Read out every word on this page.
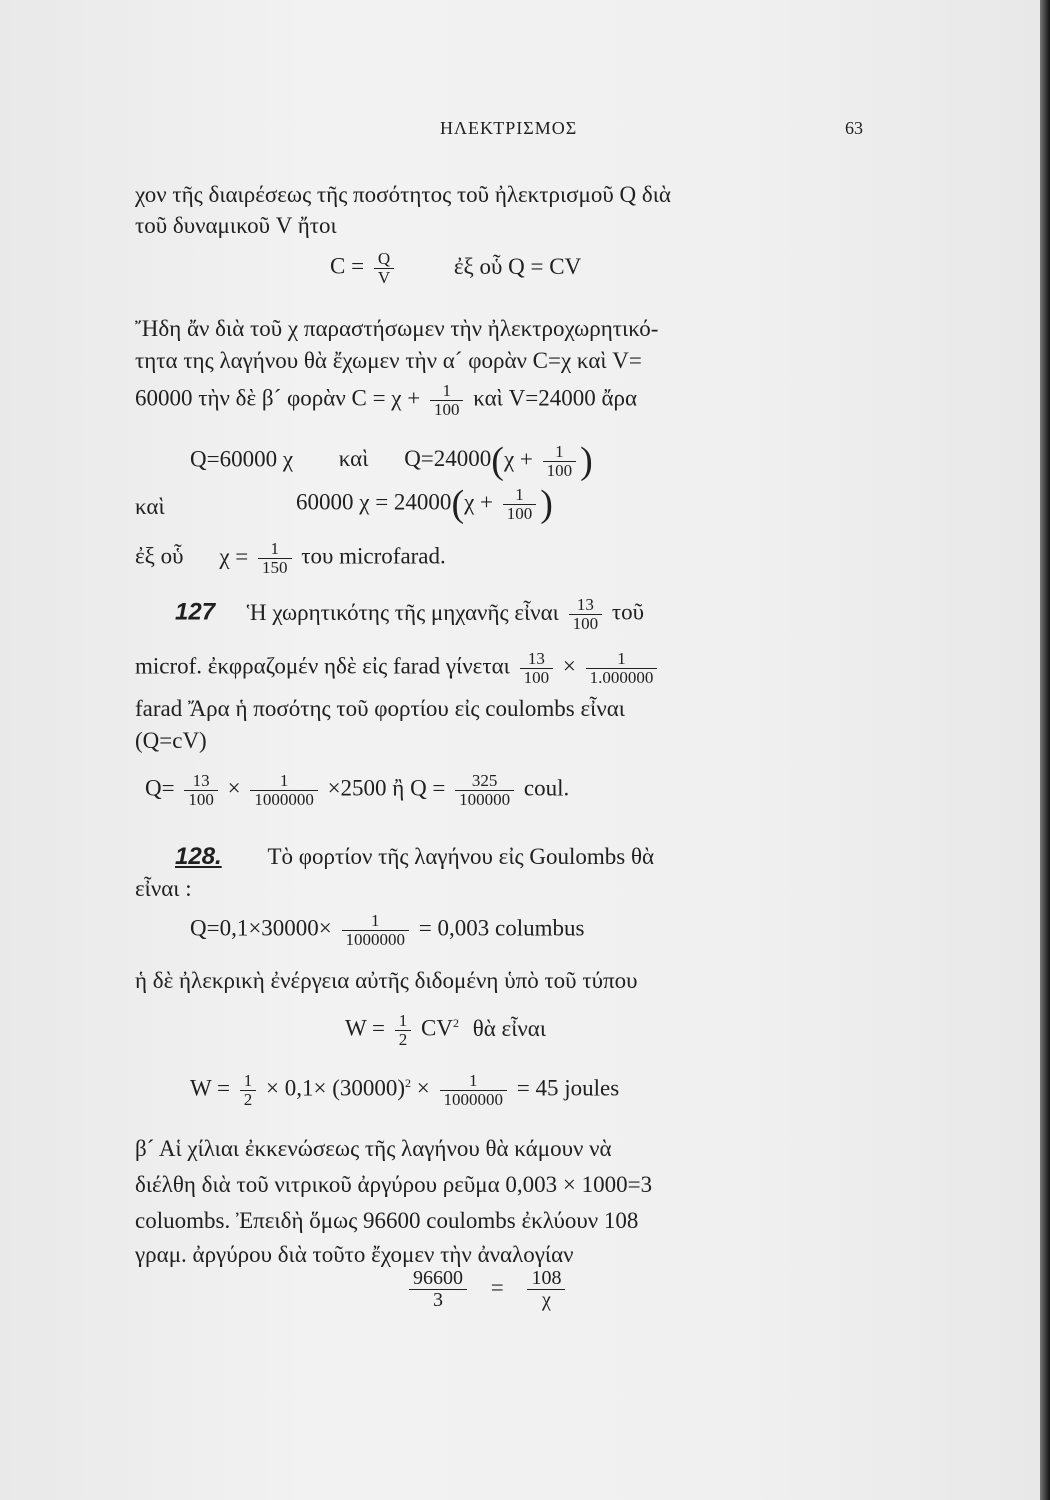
ΗΛΕΚΤΡΙΣΜΟΣ	63
χον τῆς διαιρέσεως τῆς ποσότητος τοῦ ἠλεκτρισμοῦ Q διὰ
τοῦ δυναμικοῦ V ἤτοι
$C = \frac{Q}{V}$	ἐξ οὗ Q = CV
Ἤδη ἄν διὰ τοῦ χ παραστήσωμεν τὴν ἠλεκτροχωρητικό-
τητα της λαγήνου θὰ ἔχωμεν τὴν α´ φορὰν C=χ καὶ V=
60000 τὴν δὲ β´ φορὰν $C = \chi + \frac{1}{100}$ καὶ V=24000 ἄρα
Q=60000 χ καὶ $Q=24000(\chi + \frac{1}{100}$ )
καὶ	60000 $\chi = 24000(\chi + \frac{1}{100}$ )
ἐξ οὗ $\chi = \frac{1}{150}$ του microfarad.
127 Ἡ χωρητικότης τῆς μηχανῆς εἶναι $\frac{13}{100}$ τοῦ
microf. ἐκφραζομέν ηδὲ εἰς farad γίνεται $\frac{13}{100} \times \frac{1}{1.000000}$
farad Ἄρα ἡ ποσότης τοῦ φορτίου εἰς coulombs εἶναι
(Q=cV)
$Q= \frac{13}{100} \times \frac{1}{1000000} \times 2500$ ἢ $Q = \frac{325}{100000}$ coul.
128. Τὸ φορτίον τῆς λαγήνου εἰς Goulombs θὰ
εἶναι :
$Q=0,1\times 30000\times \frac{1}{1000000} = 0,003$ columbus
ἡ δὲ ἠλεκρικὴ ἐνέργεια αὐτῆς διδομένη ὑπὸ τοῦ τύπου
$W = \frac{1}{2} CV^2$ θὰ εἶναι
$W = \frac{1}{2} \times 0,1\times (30000)^2 \times \frac{1}{1000000} = 45$ joules
β´ Αἱ χίλιαι ἐκκενώσεως τῆς λαγήνου θὰ κάμουν νὰ
διέλθη διὰ τοῦ νιτρικοῦ ἀργύρου ρεῦμα 0,003 × 1000=3
coluombs. Ἐπειδὴ ὅμως 96600 coulombs ἐκλύουν 108
γραμ. ἀργύρου διὰ τοῦτο ἔχομεν τὴν ἀναλογίαν
$\frac{96600}{3} = \frac{108}{\chi}$
